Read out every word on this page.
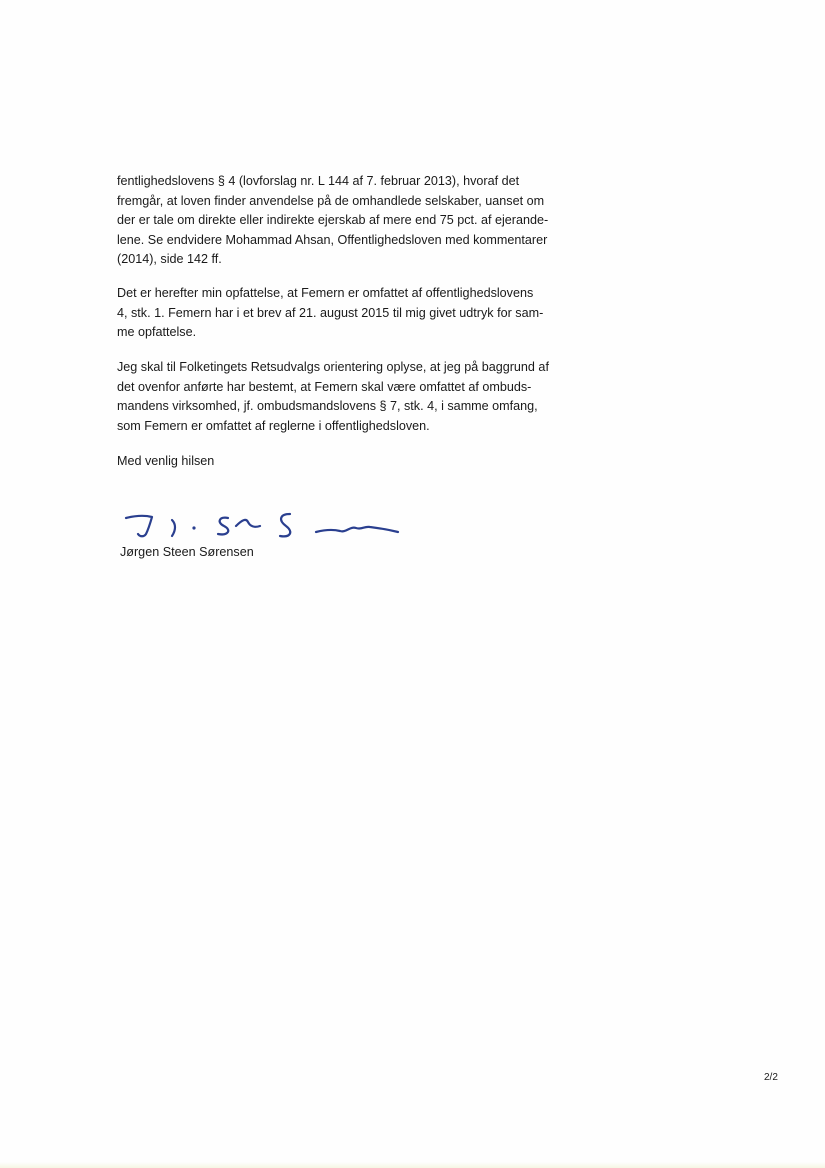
fentlighedslovens § 4 (lovforslag nr. L 144 af 7. februar 2013), hvoraf det
fremgår, at loven finder anvendelse på de omhandlede selskaber, uanset om
der er tale om direkte eller indirekte ejerskab af mere end 75 pct. af ejerande-
lene. Se endvidere Mohammad Ahsan, Offentlighedsloven med kommentarer
(2014), side 142 ff.
Det er herefter min opfattelse, at Femern er omfattet af offentlighedslovens
4, stk. 1. Femern har i et brev af 21. august 2015 til mig givet udtryk for sam-
me opfattelse.
Jeg skal til Folketingets Retsudvalgs orientering oplyse, at jeg på baggrund af
det ovenfor anførte har bestemt, at Femern skal være omfattet af ombuds-
mandens virksomhed, jf. ombudsmandslovens § 7, stk. 4, i samme omfang,
som Femern er omfattet af reglerne i offentlighedsloven.
Med venlig hilsen
Jørgen Steen Sørensen
2/2
